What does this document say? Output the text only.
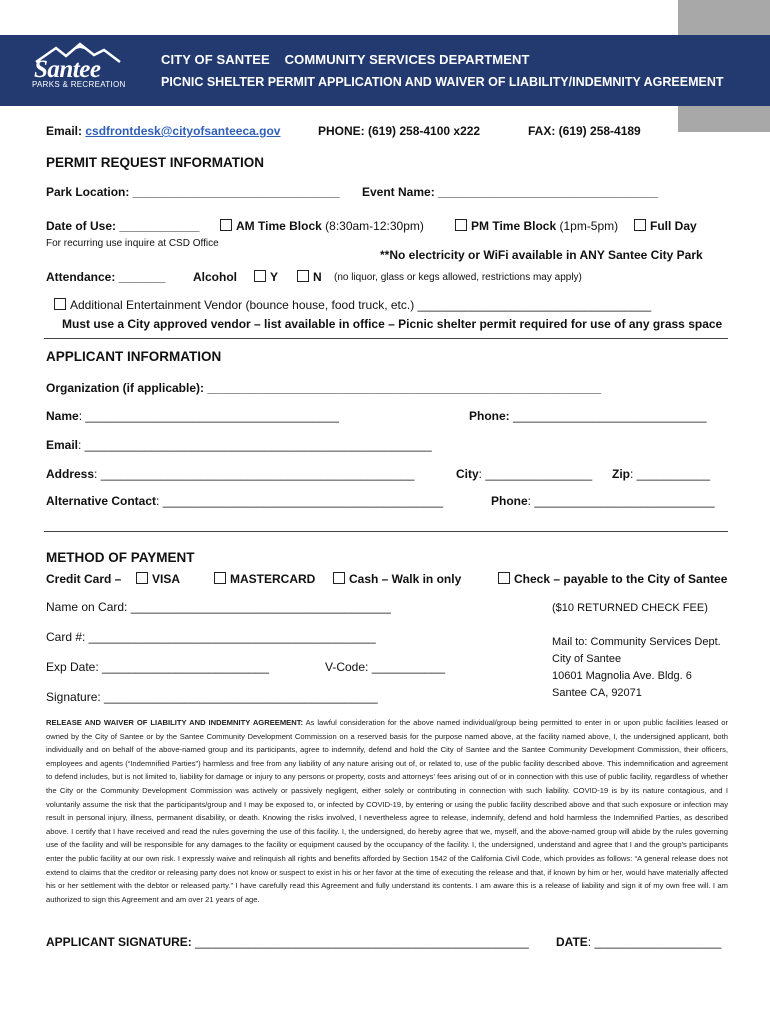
Santee
PARKS & RECREATION
CITY OF SANTEE    COMMUNITY SERVICES DEPARTMENT
PICNIC SHELTER PERMIT APPLICATION AND WAIVER OF LIABILITY/INDEMNITY AGREEMENT
Email: csdfrontdesk@cityofsanteeca.gov	PHONE: (619) 258-4100 x222	FAX: (619) 258-4189
PERMIT REQUEST INFORMATION
Park Location: _______________________________ Event Name: _________________________________
Date of Use: ____________	AM Time Block (8:30am-12:30pm)	PM Time Block (1pm-5pm)	Full Day
For recurring use inquire at CSD Office
**No electricity or WiFi available in ANY Santee City Park
Attendance: _______ Alcohol	Y	N (no liquor, glass or kegs allowed, restrictions may apply)
Additional Entertainment Vendor (bounce house, food truck, etc.) ___________________________________
Must use a City approved vendor – list available in office – Picnic shelter permit required for use of any grass space
APPLICANT INFORMATION
Organization (if applicable): ___________________________________________________________
Name: ______________________________________	Phone: _____________________________
Email: ____________________________________________________
Address: _______________________________________________	City: ________________ Zip: ___________
Alternative Contact: __________________________________________	Phone: ___________________________
METHOD OF PAYMENT
Credit Card –	VISA	MASTERCARD	Cash – Walk in only	Check – payable to the City of Santee
Name on Card: _______________________________________	($10 RETURNED CHECK FEE)
Card #: ___________________________________________	Mail to: Community Services Dept.
City of Santee
Exp Date: _________________________	V-Code: ___________
10601 Magnolia Ave. Bldg. 6
Santee CA, 92071
Signature: _________________________________________
RELEASE AND WAIVER OF LIABILITY AND INDEMNITY AGREEMENT: As lawful consideration for the above named individual/group being permitted to enter in or upon public facilities leased or owned by the City of Santee or by the Santee Community Development Commission on a reserved basis for the purpose named above, at the facility named above, I, the undersigned applicant, both individually and on behalf of the above-named group and its participants, agree to indemnify, defend and hold the City of Santee and the Santee Community Development Commission, their officers, employees and agents (“Indemnified Parties”) harmless and free from any liability of any nature arising out of, or related to, use of the public facility described above. This indemnification and agreement to defend includes, but is not limited to, liability for damage or injury to any persons or property, costs and attorneys' fees arising out of or in connection with this use of public facility, regardless of whether the City or the Community Development Commission was actively or passively negligent, either solely or contributing in connection with such liability. COVID-19 is by its nature contagious, and I voluntarily assume the risk that the participants/group and I may be exposed to, or infected by COVID-19, by entering or using the public facility described above and that such exposure or infection may result in personal injury, illness, permanent disability, or death. Knowing the risks involved, I nevertheless agree to release, indemnify, defend and hold harmless the Indemnified Parties, as described above. I certify that I have received and read the rules governing the use of this facility. I, the undersigned, do hereby agree that we, myself, and the above-named group will abide by the rules governing use of the facility and will be responsible for any damages to the facility or equipment caused by the occupancy of the facility. I, the undersigned, understand and agree that I and the group's participants enter the public facility at our own risk. I expressly waive and relinquish all rights and benefits afforded by Section 1542 of the California Civil Code, which provides as follows: “A general release does not extend to claims that the creditor or releasing party does not know or suspect to exist in his or her favor at the time of executing the release and that, if known by him or her, would have materially affected his or her settlement with the debtor or released party.” I have carefully read this Agreement and fully understand its contents. I am aware this is a release of liability and sign it of my own free will. I am authorized to sign this Agreement and am over 21 years of age.
APPLICANT SIGNATURE: __________________________________________________ DATE: ___________________
